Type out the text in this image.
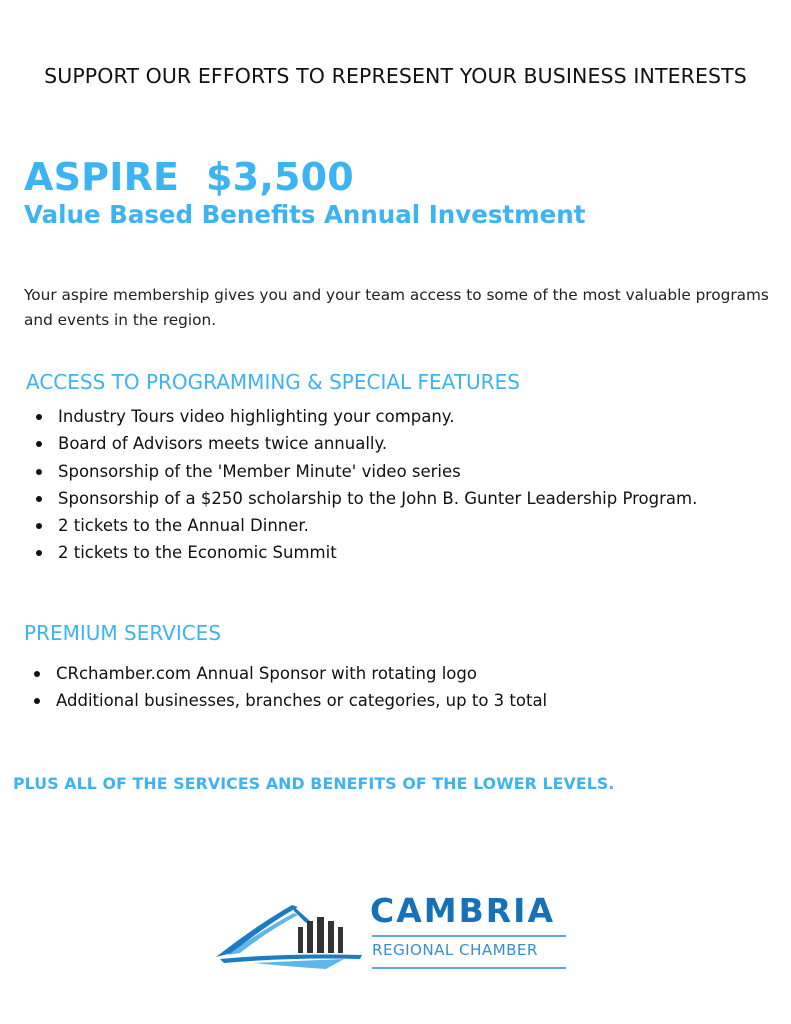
SUPPORT OUR EFFORTS TO REPRESENT YOUR BUSINESS INTERESTS
ASPIRE  $3,500
Value Based Benefits Annual Investment
Your aspire membership gives you and your team access to some of the most valuable programs and events in the region.
ACCESS TO PROGRAMMING & SPECIAL FEATURES
Industry Tours video highlighting your company.
Board of Advisors meets twice annually.
Sponsorship of the 'Member Minute' video series
Sponsorship of a $250 scholarship to the John B. Gunter Leadership Program.
2 tickets to the Annual Dinner.
2 tickets to the Economic Summit
PREMIUM SERVICES
CRchamber.com Annual Sponsor with rotating logo
Additional businesses, branches or categories, up to 3 total
PLUS ALL OF THE SERVICES AND BENEFITS OF THE LOWER LEVELS.
CAMBRIA
REGIONAL CHAMBER
